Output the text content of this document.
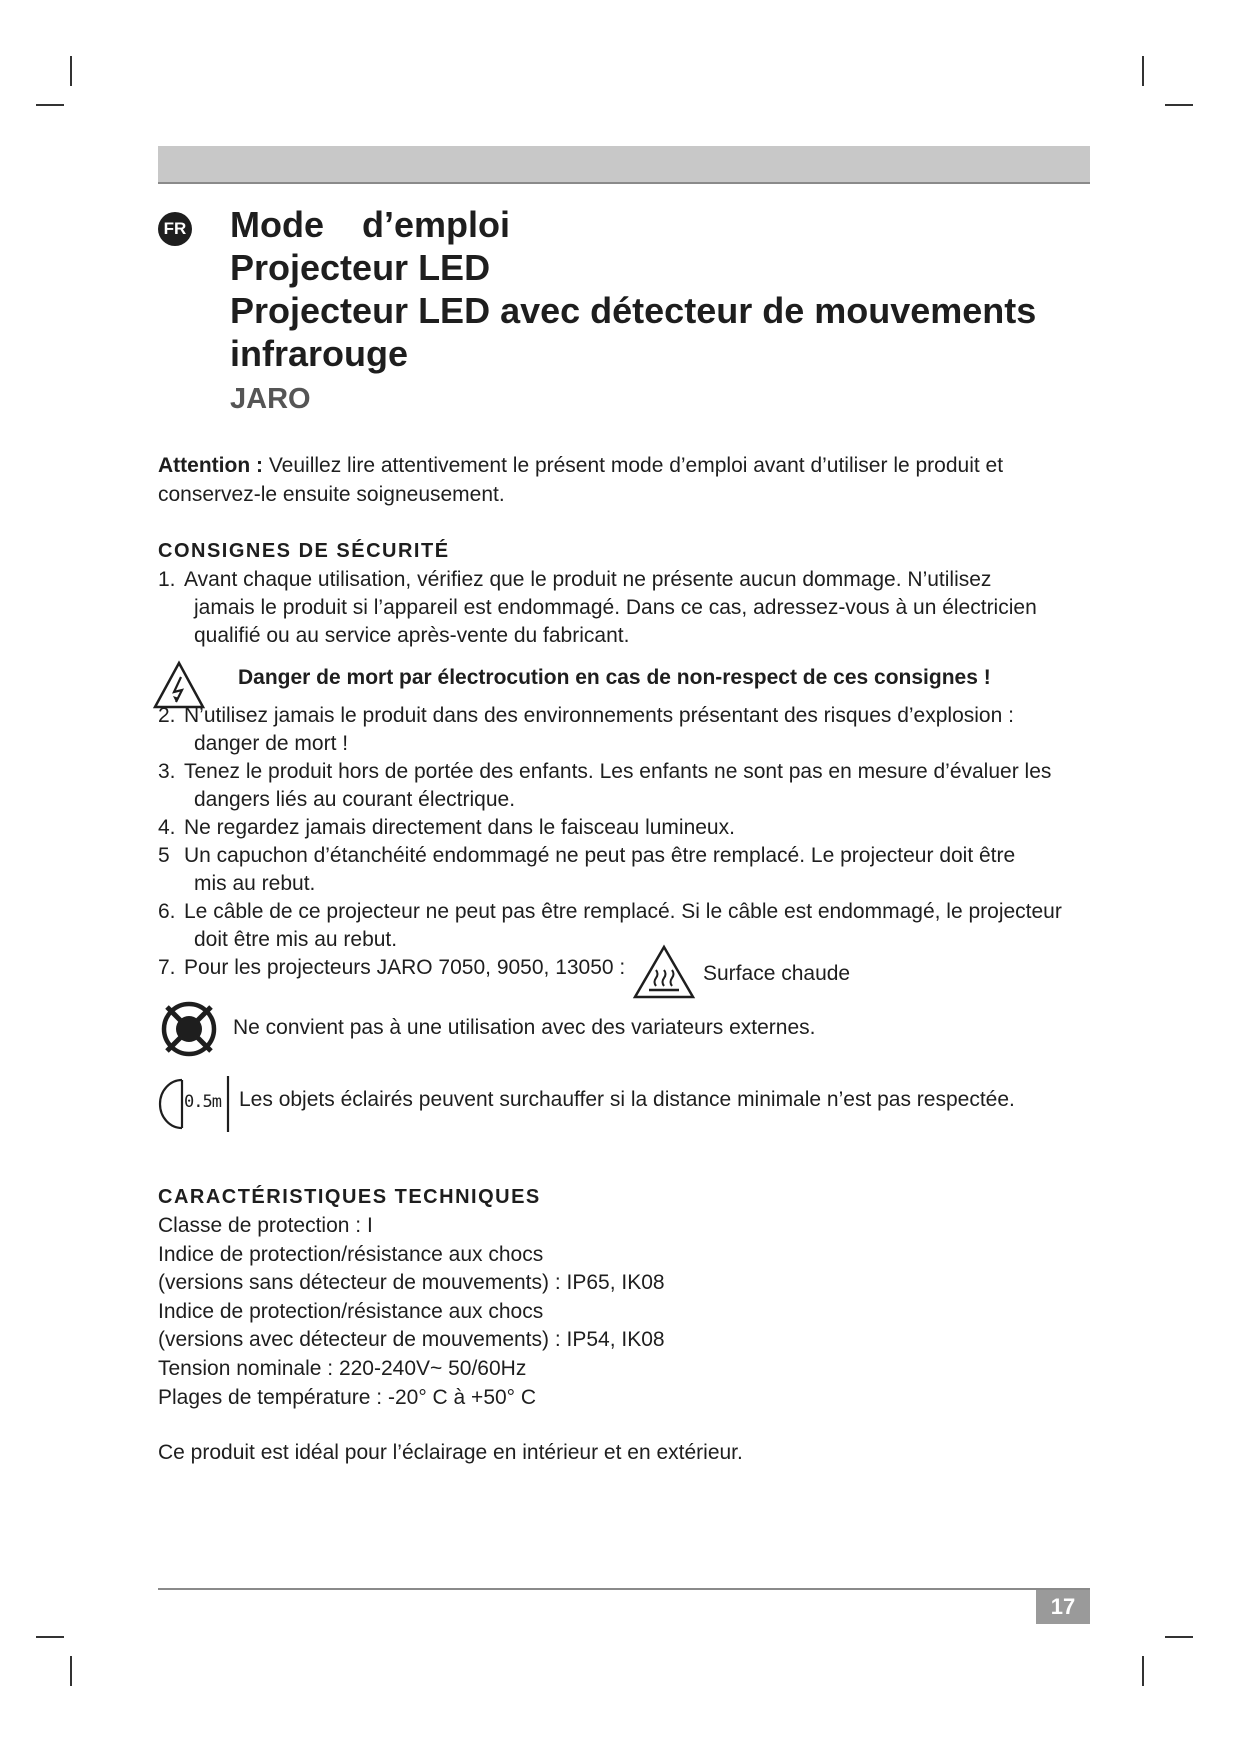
FR Mode d’emploi
Projecteur LED
Projecteur LED avec détecteur de mouvements
infrarouge
JARO
Attention : Veuillez lire attentivement le présent mode d’emploi avant d’utiliser le produit et conservez-le ensuite soigneusement.
CONSIGNES DE SÉCURITÉ
1. Avant chaque utilisation, vérifiez que le produit ne présente aucun dommage. N’utilisez
jamais le produit si l’appareil est endommagé. Dans ce cas, adressez-vous à un électricien
qualifié ou au service après-vente du fabricant.
Danger de mort par électrocution en cas de non-respect de ces consignes !
2. N’utilisez jamais le produit dans des environnements présentant des risques d’explosion :
danger de mort !
3. Tenez le produit hors de portée des enfants. Les enfants ne sont pas en mesure d’évaluer les
dangers liés au courant électrique.
4. Ne regardez jamais directement dans le faisceau lumineux.
5 Un capuchon d’étanchéité endommagé ne peut pas être remplacé. Le projecteur doit être
mis au rebut.
6. Le câble de ce projecteur ne peut pas être remplacé. Si le câble est endommagé, le projecteur
doit être mis au rebut.
7. Pour les projecteurs JARO 7050, 9050, 13050 :	Surface chaude
Ne convient pas à une utilisation avec des variateurs externes.
0.5m Les objets éclairés peuvent surchauffer si la distance minimale n’est pas respectée.
CARACTÉRISTIQUES TECHNIQUES
Classe de protection : I
Indice de protection/résistance aux chocs
(versions sans détecteur de mouvements) : IP65, IK08
Indice de protection/résistance aux chocs
(versions avec détecteur de mouvements) : IP54, IK08
Tension nominale : 220-240V~ 50/60Hz
Plages de température : -20° C à +50° C
Ce produit est idéal pour l’éclairage en intérieur et en extérieur.
17
